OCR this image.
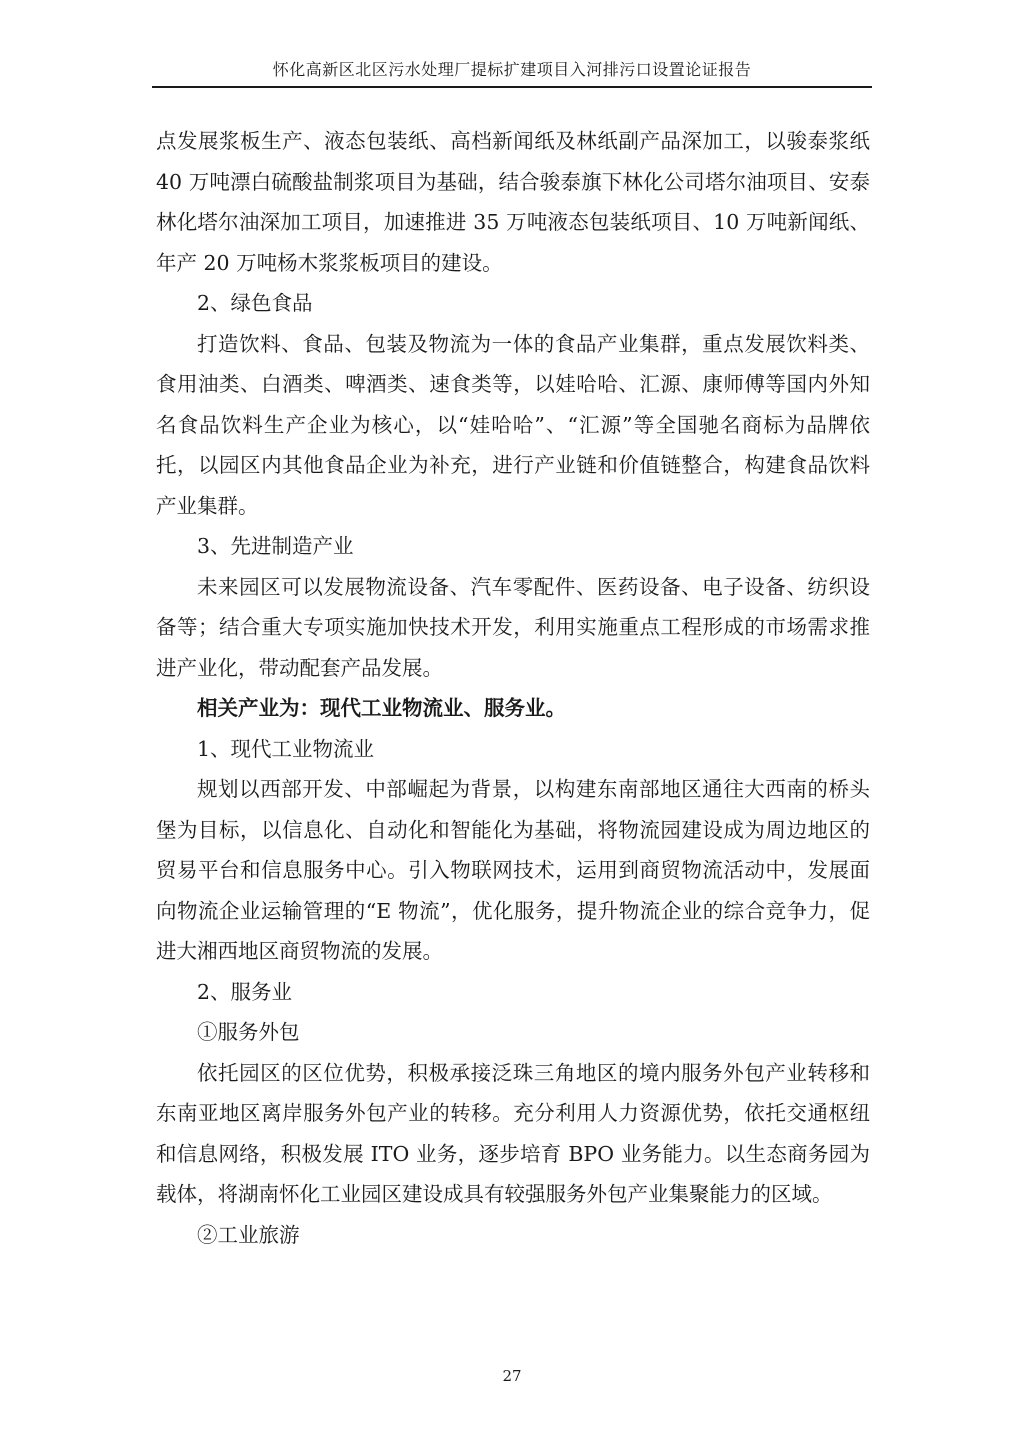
怀化高新区北区污水处理厂提标扩建项目入河排污口设置论证报告

点发展浆板生产、液态包装纸、高档新闻纸及林纸副产品深加工，以骏泰浆纸 40 万吨漂白硫酸盐制浆项目为基础，结合骏泰旗下林化公司塔尔油项目、安泰林化塔尔油深加工项目，加速推进 35 万吨液态包装纸项目、10 万吨新闻纸、年产 20 万吨杨木浆浆板项目的建设。

2、绿色食品

打造饮料、食品、包装及物流为一体的食品产业集群，重点发展饮料类、食用油类、白酒类、啤酒类、速食类等，以娃哈哈、汇源、康师傅等国内外知名食品饮料生产企业为核心，以“娃哈哈”、“汇源”等全国驰名商标为品牌依托，以园区内其他食品企业为补充，进行产业链和价值链整合，构建食品饮料产业集群。

3、先进制造产业

未来园区可以发展物流设备、汽车零配件、医药设备、电子设备、纺织设备等；结合重大专项实施加快技术开发，利用实施重点工程形成的市场需求推进产业化，带动配套产品发展。

相关产业为：现代工业物流业、服务业。

1、现代工业物流业

规划以西部开发、中部崛起为背景，以构建东南部地区通往大西南的桥头堡为目标，以信息化、自动化和智能化为基础，将物流园建设成为周边地区的贸易平台和信息服务中心。引入物联网技术，运用到商贸物流活动中，发展面向物流企业运输管理的“E 物流”，优化服务，提升物流企业的综合竞争力，促进大湘西地区商贸物流的发展。

2、服务业

①服务外包

依托园区的区位优势，积极承接泛珠三角地区的境内服务外包产业转移和东南亚地区离岸服务外包产业的转移。充分利用人力资源优势，依托交通枢纽和信息网络，积极发展 ITO 业务，逐步培育 BPO 业务能力。以生态商务园为载体，将湖南怀化工业园区建设成具有较强服务外包产业集聚能力的区域。

②工业旅游

27
